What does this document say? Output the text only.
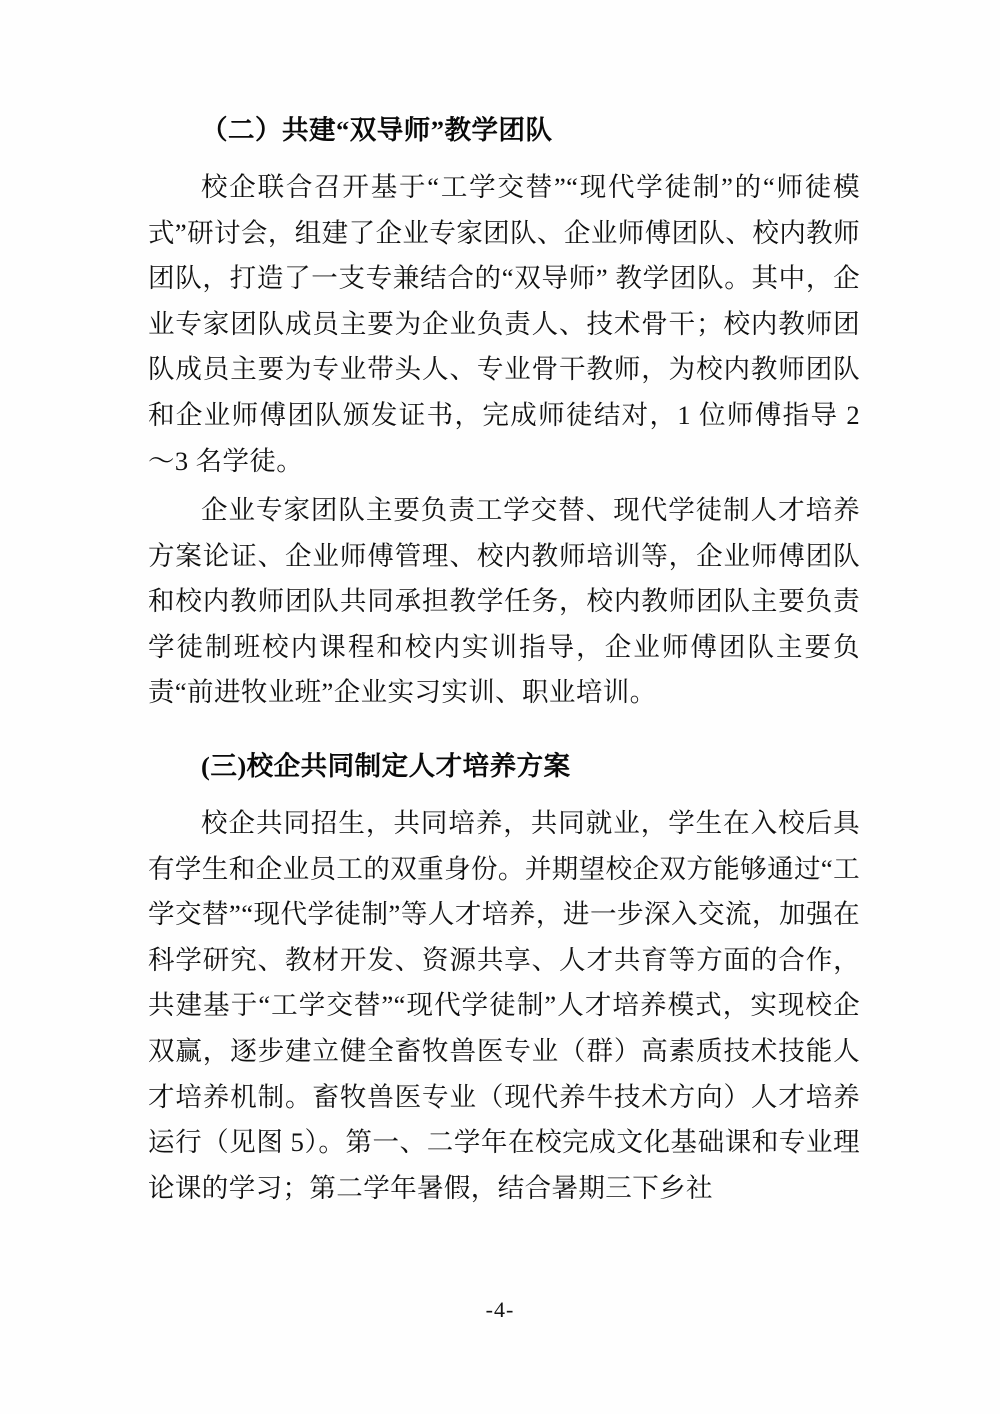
（二）共建“双导师”教学团队

校企联合召开基于“工学交替”“现代学徒制”的“师徒模式”研讨会，组建了企业专家团队、企业师傅团队、校内教师团队，打造了一支专兼结合的“双导师” 教学团队。其中，企业专家团队成员主要为企业负责人、技术骨干；校内教师团队成员主要为专业带头人、专业骨干教师，为校内教师团队和企业师傅团队颁发证书，完成师徒结对，1 位师傅指导 2～3 名学徒。

企业专家团队主要负责工学交替、现代学徒制人才培养方案论证、企业师傅管理、校内教师培训等，企业师傅团队和校内教师团队共同承担教学任务，校内教师团队主要负责学徒制班校内课程和校内实训指导，企业师傅团队主要负责“前进牧业班”企业实习实训、职业培训。

(三)校企共同制定人才培养方案

校企共同招生，共同培养，共同就业，学生在入校后具有学生和企业员工的双重身份。并期望校企双方能够通过“工学交替”“现代学徒制”等人才培养，进一步深入交流，加强在科学研究、教材开发、资源共享、人才共育等方面的合作，共建基于“工学交替”“现代学徒制”人才培养模式，实现校企双赢，逐步建立健全畜牧兽医专业（群）高素质技术技能人才培养机制。畜牧兽医专业（现代养牛技术方向）人才培养运行（见图 5）。第一、二学年在校完成文化基础课和专业理论课的学习；第二学年暑假，结合暑期三下乡社

-4-
